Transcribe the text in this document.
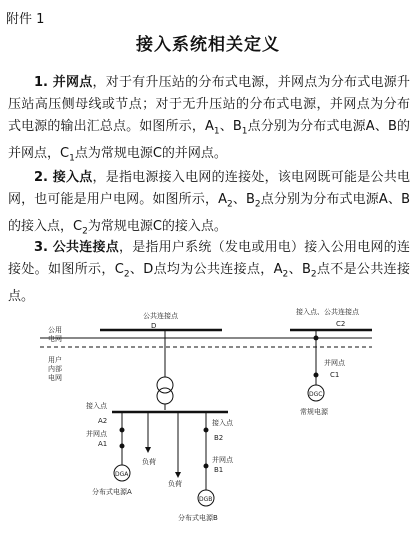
附件 1
接入系统相关定义
1. 并网点，对于有升压站的分布式电源，并网点为分布式电源升压站高压侧母线或节点；对于无升压站的分布式电源，并网点为分布式电源的输出汇总点。如图所示，$A_1$、$B_1$点分别为分布式电源A、B的并网点，$C_1$点为常规电源C的并网点。
2. 接入点，是指电源接入电网的连接处，该电网既可能是公共电网，也可能是用户电网。如图所示，$A_2$、$B_2$点分别为分布式电源A、B的接入点，$C_2$为常规电源C的接入点。
3. 公共连接点，是指用户系统（发电或用电）接入公用电网的连接处。如图所示，$C_2$、D点均为公共连接点，$A_2$、$B_2$点不是公共连接点。
公共连接点
D
接入点、公共连接点
C2
公用
电网
用户
内部
电网
并网点
C1
DGC
常规电源
接入点
A2
并网点
A1
DGA
分布式电源A
负荷
接入点
B2
并网点
B1
DGB
负荷
分布式电源B
